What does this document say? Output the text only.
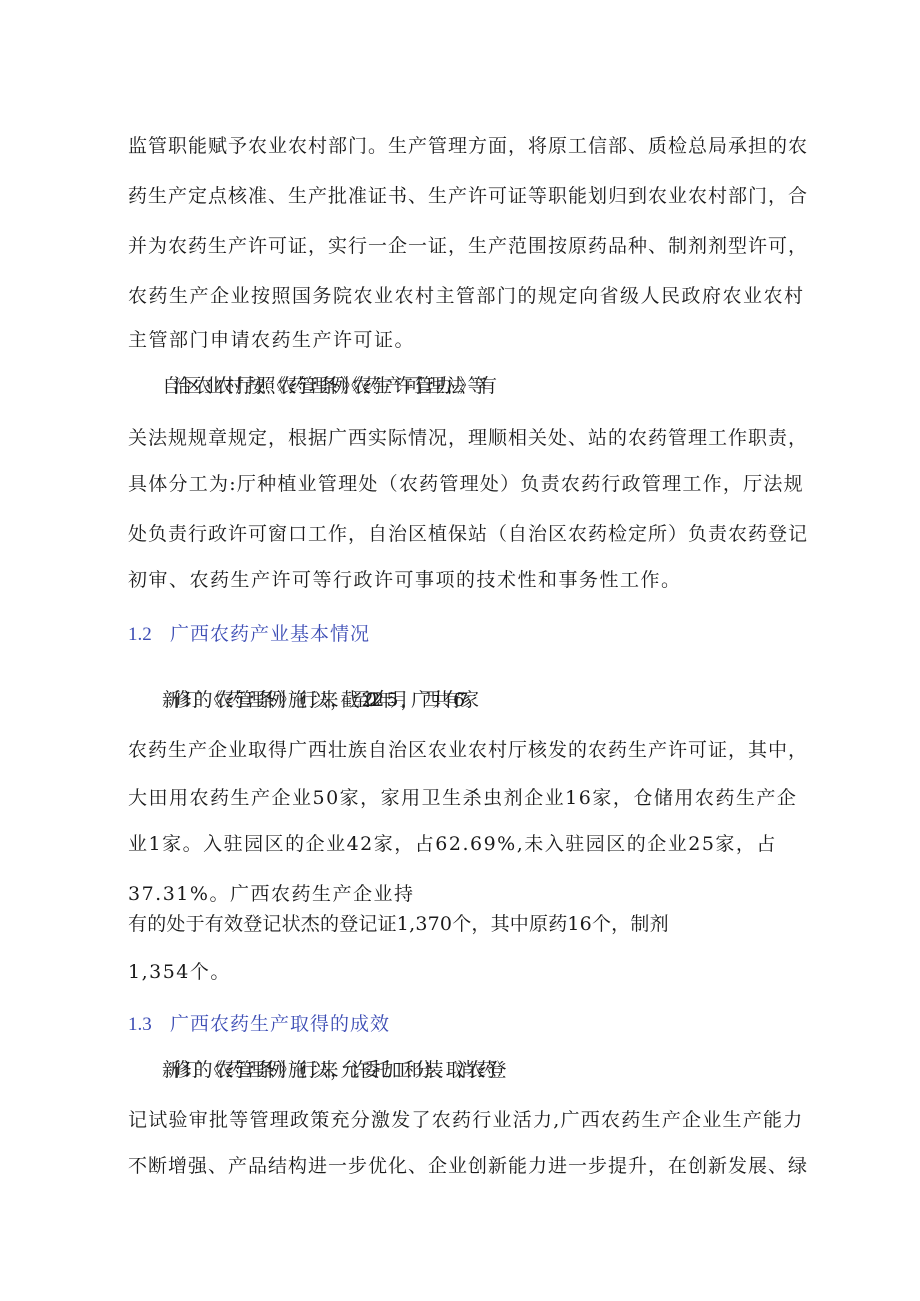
监管职能赋予农业农村部门。生产管理方面，将原工信部、质检总局承担的农
药生产定点核准、生产批准证书、生产许可证等职能划归到农业农村部门，合
并为农药生产许可证，实行一企一证，生产范围按原药品种、制剂剂型许可，
农药生产企业按照国务院农业农村主管部门的规定向省级人民政府农业农村
主管部门申请农药生产许可证。
自治区农业农村厅按照《农药管理条例》《农药生产许可管理办法》等有
关法规规章规定，根据广西实际情况，理顺相关处、站的农药管理工作职责，
具体分工为:厅种植业管理处（农药管理处）负责农药行政管理工作，厅法规
处负责行政许可窗口工作，自治区植保站（自治区农药检定所）负责农药登记
初审、农药生产许可等行政许可事项的技术性和事务性工作。
1.2 广西农药产业基本情况
新修订的《农药管理条例》施行以来，截至2022年5月，广西共有67家
农药生产企业取得广西壮族自治区农业农村厅核发的农药生产许可证，其中，
大田用农药生产企业50家，家用卫生杀虫剂企业16家，仓储用农药生产企
业1家。入驻园区的企业42家，占62.69%,未入驻园区的企业25家，占
37.31%。广西农药生产企业持
有的处于有效登记状杰的登记证1,370个，其中原药16个，制剂
1,354个。
1.3 广西农药生产取得的成效
新修订的《农药管理条例》施行以来，允许委托加工和分装、取消农药登
记试验审批等管理政策充分激发了农药行业活力,广西农药生产企业生产能力
不断增强、产品结构进一步优化、企业创新能力进一步提升，在创新发展、绿
